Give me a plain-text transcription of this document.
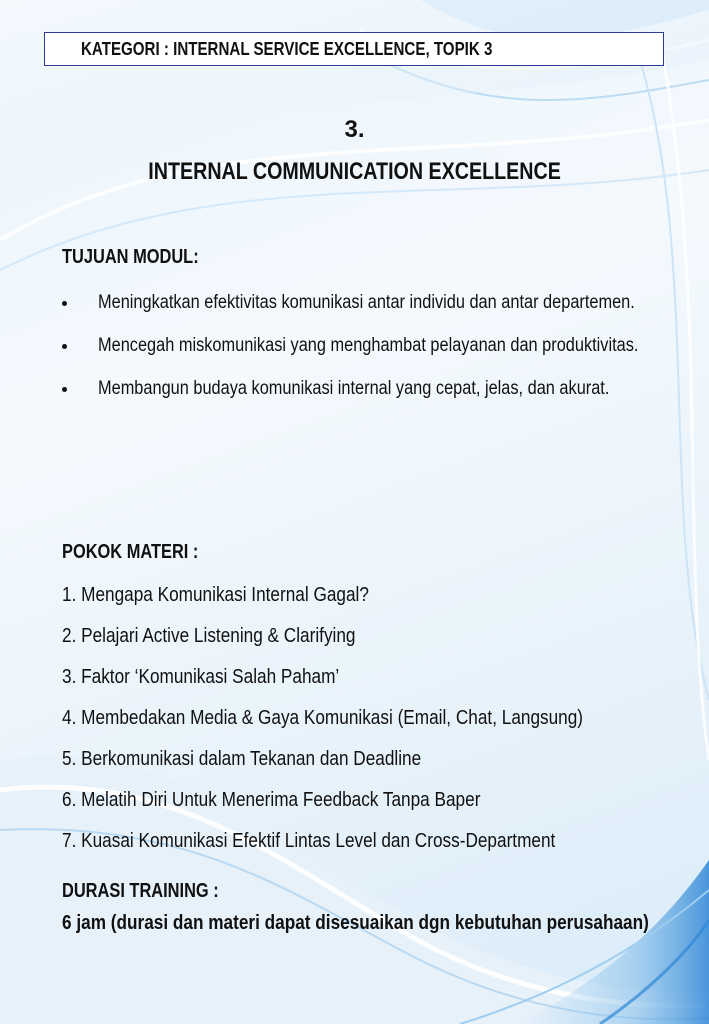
KATEGORI : INTERNAL SERVICE EXCELLENCE, TOPIK 3
3.
INTERNAL COMMUNICATION EXCELLENCE
TUJUAN MODUL:
Meningkatkan efektivitas komunikasi antar individu dan antar departemen.
Mencegah miskomunikasi yang menghambat pelayanan dan produktivitas.
Membangun budaya komunikasi internal yang cepat, jelas, dan akurat.
POKOK MATERI :
1. Mengapa Komunikasi Internal Gagal?
2. Pelajari Active Listening & Clarifying
3. Faktor ‘Komunikasi Salah Paham’
4. Membedakan Media & Gaya Komunikasi (Email, Chat, Langsung)
5. Berkomunikasi dalam Tekanan dan Deadline
6. Melatih Diri Untuk Menerima Feedback Tanpa Baper
7. Kuasai Komunikasi Efektif Lintas Level dan Cross-Department
DURASI TRAINING :
6 jam (durasi dan materi dapat disesuaikan dgn kebutuhan perusahaan)
